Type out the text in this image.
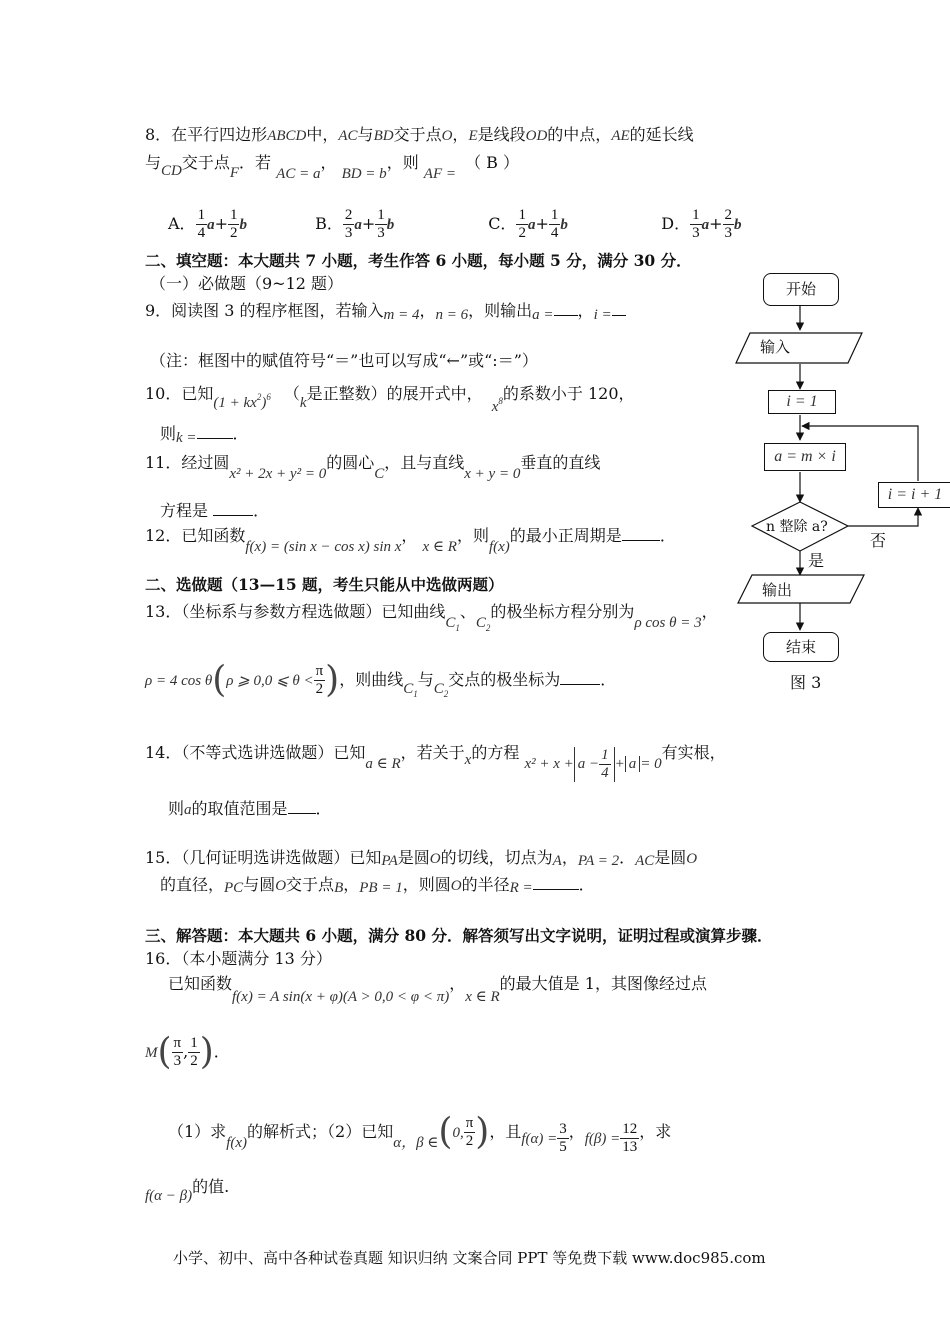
8．在平行四边形ABCD中，AC与BD交于点O，E是线段OD的中点，AE的延长线
与CD交于点F．若 AC = a， BD = b，则 AF = （ B ）
A． $\frac{1}{4} a+ \frac{1}{2}$ b	B． $\frac{2}{3} a+ \frac{1}{3}$ b	C． $\frac{1}{2} a+ \frac{1}{4}$ b	D． $\frac{1}{3} a+ \frac{2}{3}$ b
二、填空题：本大题共 7 小题，考生作答 6 小题，每小题 5 分，满分 30 分．
（一）必做题（9~12 题）
9．阅读图 3 的程序框图，若输入m = 4，n = 6，则输出a = ，i =
（注：框图中的赋值符号“＝”也可以写成“←”或“:＝”）
10．已知$(1 + kx^2)^6$ （k是正整数）的展开式中， $x^8$的系数小于 120，
则k = ．
11．经过圆x² + 2x + y² = 0的圆心C，且与直线x + y = 0垂直的直线
方程是	．
12．已知函数f(x) = (sin x − cos x) sin x， x ∈ R，则f(x)的最小正周期是 ．
二、选做题（13—15 题，考生只能从中选做两题）
13．（坐标系与参数方程选做题）已知曲线$C_1$、$C_2$的极坐标方程分别为ρ cos θ = 3，
ρ = 4 cos θ(ρ ⩾ 0,0 ⩽ $\theta < \frac{\pi}{2}$ )，则曲线$C_1$与$C_2$交点的极坐标为	．
14．（不等式选讲选做题）已知a ∈ R，若关于x的方程 $x^2 + x + a - \frac{1}{4} + a = 0$有实根，
则a的取值范围是 ．
15．（几何证明选讲选做题）已知PA是圆O的切线，切点为A，PA = 2．AC是圆O
的直径，PC与圆O交于点B，PB = 1，则圆O的半径R =	．
三、解答题：本大题共 6 小题，满分 80 分．解答须写出文字说明，证明过程或演算步骤．
16．（本小题满分 13 分）
已知函数f(x) = A sin(x + φ)(A > 0,0 < φ < π)，x ∈ R的最大值是 1，其图像经过点
$M( \frac{\pi}{3}$ , $\frac{1}{2}$ )．
（1）求f(x)的解析式；（2）已知α，β ∈(0, $\frac{\pi}{2}$ )，且$f(\alpha) = \frac{3}{5}$ ，$f(\beta) = \frac{12}{13}$ ，求
f(α − β)的值.
开始
输入
i = 1
a = m × i
n 整除 a?
i = i + 1
否
是
输出
结束
图 3
小学、初中、高中各种试卷真题 知识归纳 文案合同 PPT 等免费下载 www.doc985.com
